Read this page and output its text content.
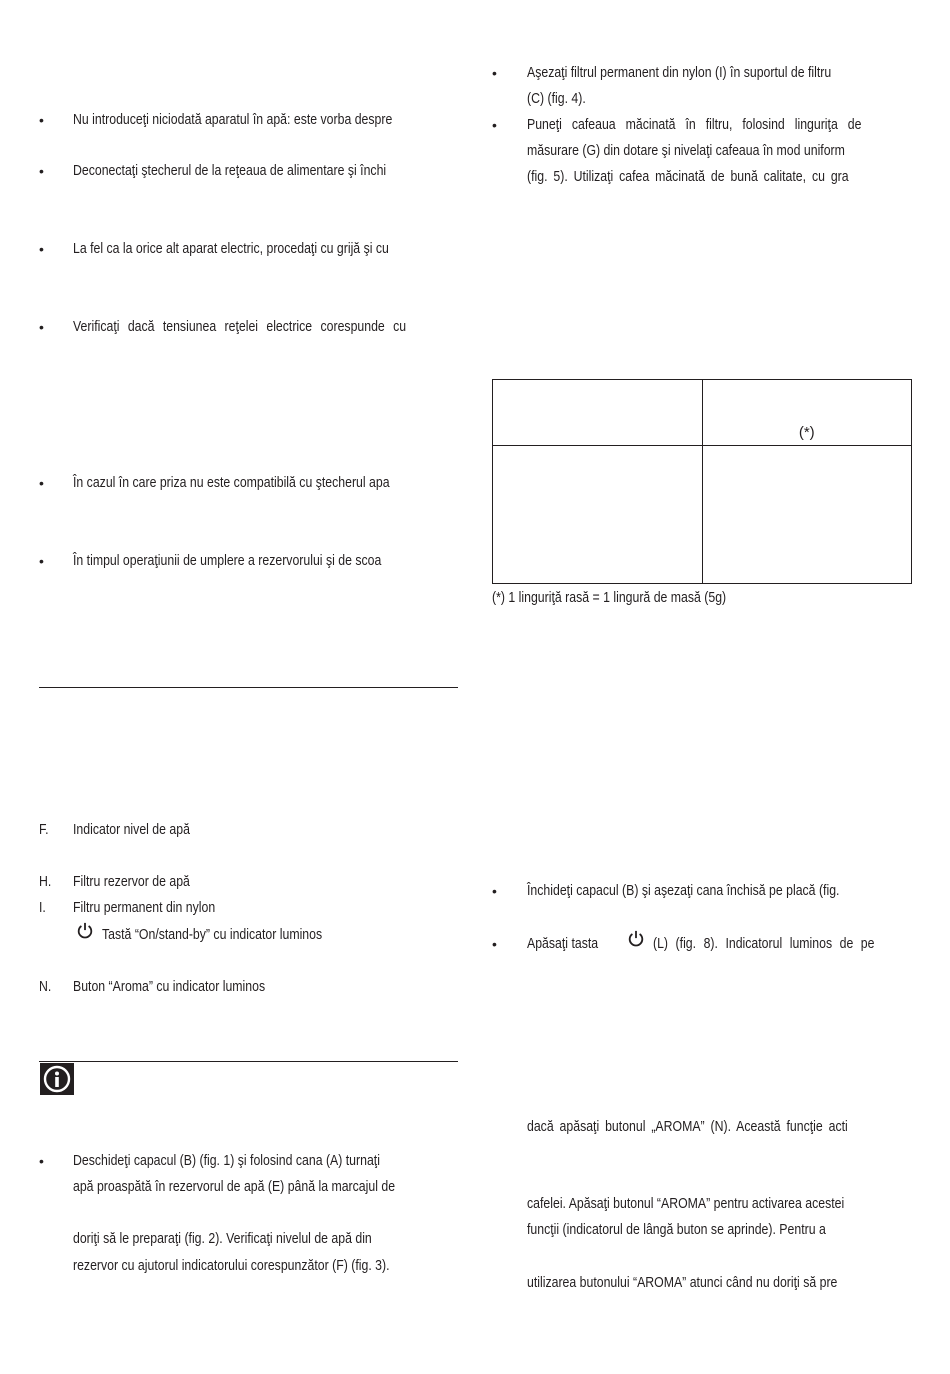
• Nu introduceţi niciodată aparatul în apă: este vorba despre
• Deconectaţi ştecherul de la reţeaua de alimentare şi închi
• La fel ca la orice alt aparat electric, procedaţi cu grijă şi cu
• Verificaţi dacă tensiunea reţelei electrice corespunde cu
• În cazul în care priza nu este compatibilă cu ştecherul apa
• În timpul operaţiunii de umplere a rezervorului şi de scoa
F. Indicator nivel de apă
H. Filtru rezervor de apă
I. Filtru permanent din nylon
Tastă “On/stand-by” cu indicator luminos
N. Buton “Aroma” cu indicator luminos
• Deschideţi capacul (B) (fig. 1) şi folosind cana (A) turnaţi
apă proaspătă în rezervorul de apă (E) până la marcajul de
doriţi să le preparaţi (fig. 2). Verificaţi nivelul de apă din
rezervor cu ajutorul indicatorului corespunzător (F) (fig. 3).
• Aşezaţi filtrul permanent din nylon (I) în suportul de filtru
(C) (fig. 4).
• Puneţi cafeaua măcinată în filtru, folosind linguriţa de
măsurare (G) din dotare şi nivelaţi cafeaua în mod uniform
(fig. 5). Utilizaţi cafea măcinată de bună calitate, cu gra
	(*)

(*) 1 linguriţă rasă = 1 lingură de masă (5g)
• Închideţi capacul (B) şi aşezaţi cana închisă pe placă (fig.
• Apăsaţi tasta	(L) (fig. 8). Indicatorul luminos de pe
dacă apăsaţi butonul „AROMA” (N). Această funcţie acti
cafelei. Apăsaţi butonul “AROMA” pentru activarea acestei
funcţii (indicatorul de lângă buton se aprinde). Pentru a
utilizarea butonului “AROMA” atunci când nu doriţi să pre
